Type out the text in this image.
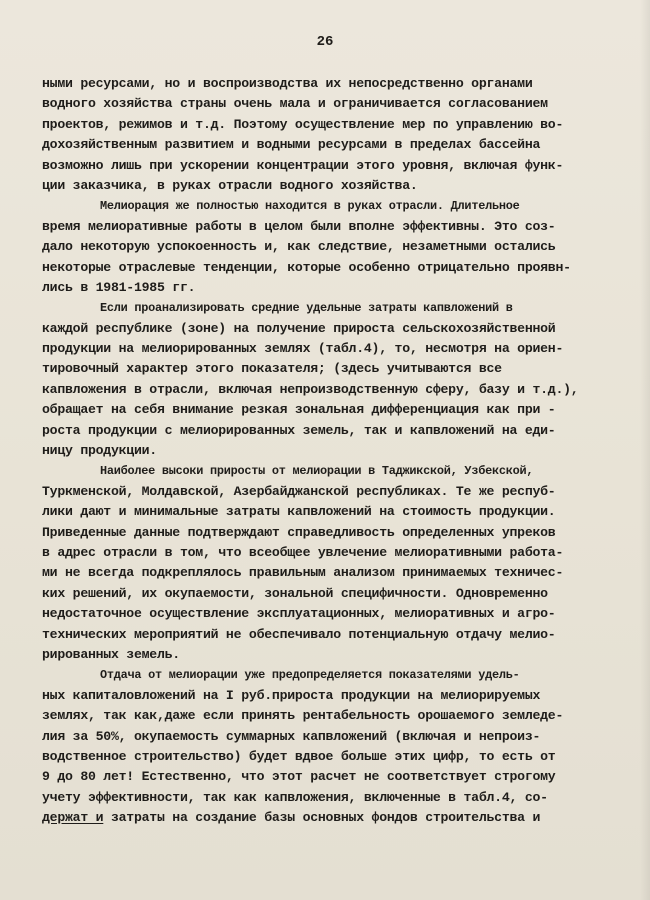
26
ными ресурсами, но и воспроизводства их непосредственно органами
водного хозяйства страны очень мала и ограничивается согласованием
проектов, режимов и т.д. Поэтому осуществление мер по управлению во-
дохозяйственным развитием и водными ресурсами в пределах бассейна
возможно лишь при ускорении концентрации этого уровня, включая функ-
ции заказчика, в руках отрасли водного хозяйства.
Мелиорация же полностью находится в руках отрасли. Длительное
время мелиоративные работы в целом были вполне эффективны. Это соз-
дало некоторую успокоенность и, как следствие, незаметными остались
некоторые отраслевые тенденции, которые особенно отрицательно проявн-
лись в 1981-1985 гг.
Если проанализировать средние удельные затраты капвложений в
каждой республике (зоне) на получение прироста сельскохозяйственной
продукции на мелиорированных землях (табл.4), то, несмотря на ориен-
тировочный характер этого показателя; (здесь учитываются все
капвложения в отрасли, включая непроизводственную сферу, базу и т.д.),
обращает на себя внимание резкая зональная дифференциация как при -
роста продукции с мелиорированных земель, так и капвложений на еди-
ницу продукции.
Наиболее высоки приросты от мелиорации в Таджикской, Узбекской,
Туркменской, Молдавской, Азербайджанской республиках. Те же респуб-
лики дают и минимальные затраты капвложений на стоимость продукции.
Приведенные данные подтверждают справедливость определенных упреков
в адрес отрасли в том, что всеобщее увлечение мелиоративными работа-
ми не всегда подкреплялось правильным анализом принимаемых техничес-
ких решений, их окупаемости, зональной специфичности. Одновременно
недостаточное осуществление эксплуатационных, мелиоративных и агро-
технических мероприятий не обеспечивало потенциальную отдачу мелио-
рированных земель.
Отдача от мелиорации уже предопределяется показателями удель-
ных капиталовложений на I руб.прироста продукции на мелиорируемых
землях, так как,даже если принять рентабельность орошаемого земледе-
лия за 50%, окупаемость суммарных капвложений (включая и непроиз-
водственное строительство) будет вдвое больше этих цифр, то есть от
9 до 80 лет! Естественно, что этот расчет не соответствует строгому
учету эффективности, так как капвложения, включенные в табл.4, со-
держат и затраты на создание базы основных фондов строительства и
